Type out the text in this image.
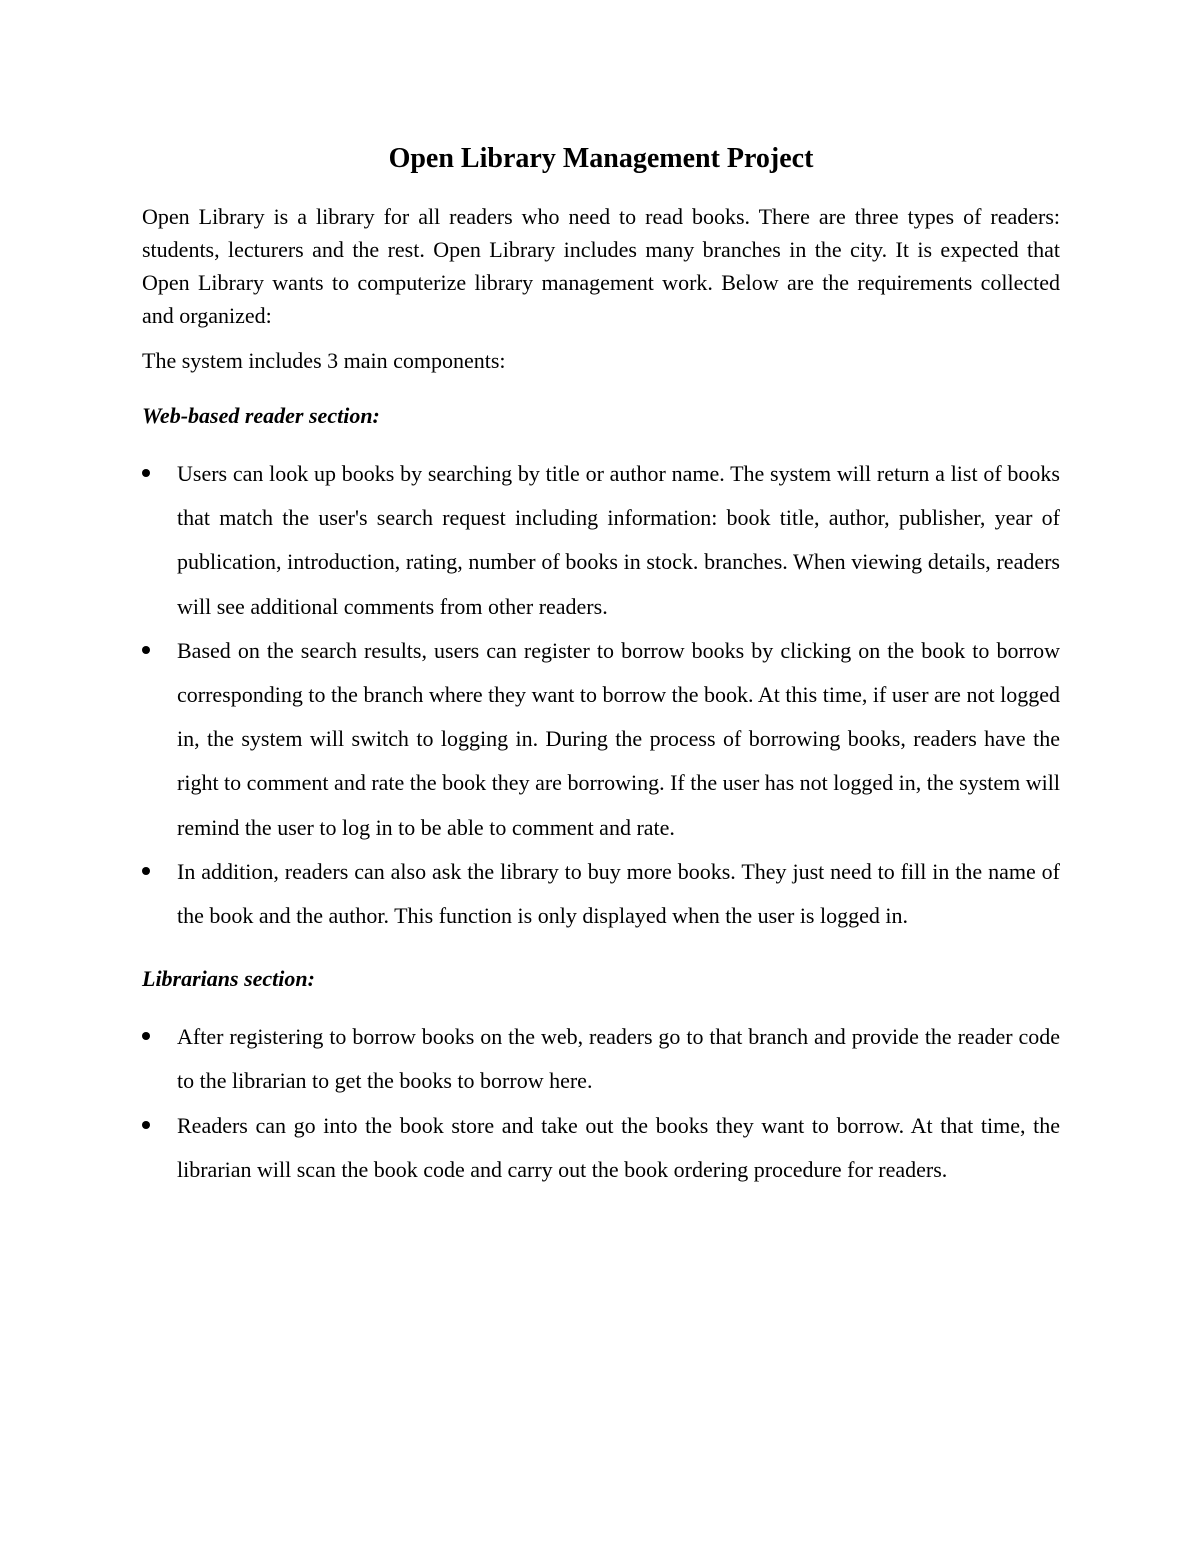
Open Library Management Project

Open Library is a library for all readers who need to read books. There are three types of readers: students, lecturers and the rest. Open Library includes many branches in the city. It is expected that Open Library wants to computerize library management work. Below are the requirements collected and organized:

The system includes 3 main components:

Web-based reader section:

Users can look up books by searching by title or author name. The system will return a list of books that match the user's search request including information: book title, author, publisher, year of publication, introduction, rating, number of books in stock. branches. When viewing details, readers will see additional comments from other readers.
Based on the search results, users can register to borrow books by clicking on the book to borrow corresponding to the branch where they want to borrow the book. At this time, if user are not logged in, the system will switch to logging in. During the process of borrowing books, readers have the right to comment and rate the book they are borrowing. If the user has not logged in, the system will remind the user to log in to be able to comment and rate.
In addition, readers can also ask the library to buy more books. They just need to fill in the name of the book and the author. This function is only displayed when the user is logged in.

Librarians section:

After registering to borrow books on the web, readers go to that branch and provide the reader code to the librarian to get the books to borrow here.
Readers can go into the book store and take out the books they want to borrow. At that time, the librarian will scan the book code and carry out the book ordering procedure for readers.
